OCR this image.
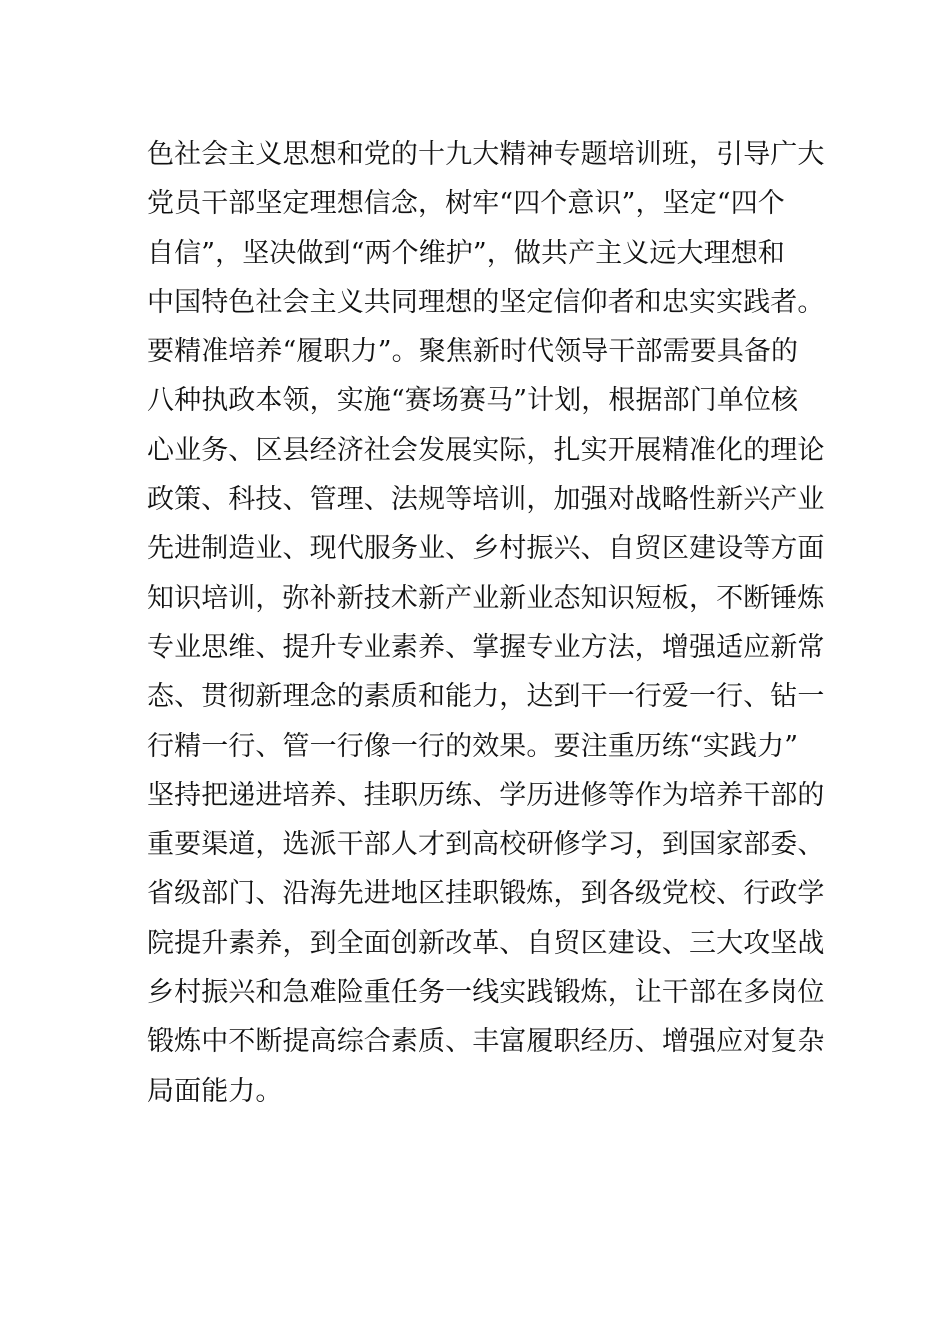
色社会主义思想和党的十九大精神专题培训班，引导广大
党员干部坚定理想信念，树牢“四个意识”，坚定“四个
自信”，坚决做到“两个维护”，做共产主义远大理想和
中国特色社会主义共同理想的坚定信仰者和忠实实践者。
要精准培养“履职力”。聚焦新时代领导干部需要具备的
八种执政本领，实施“赛场赛马”计划，根据部门单位核
心业务、区县经济社会发展实际，扎实开展精准化的理论
政策、科技、管理、法规等培训，加强对战略性新兴产业
先进制造业、现代服务业、乡村振兴、自贸区建设等方面
知识培训，弥补新技术新产业新业态知识短板，不断锤炼
专业思维、提升专业素养、掌握专业方法，增强适应新常
态、贯彻新理念的素质和能力，达到干一行爱一行、钻一
行精一行、管一行像一行的效果。要注重历练“实践力”
坚持把递进培养、挂职历练、学历进修等作为培养干部的
重要渠道，选派干部人才到高校研修学习，到国家部委、
省级部门、沿海先进地区挂职锻炼，到各级党校、行政学
院提升素养，到全面创新改革、自贸区建设、三大攻坚战
乡村振兴和急难险重任务一线实践锻炼，让干部在多岗位
锻炼中不断提高综合素质、丰富履职经历、增强应对复杂
局面能力。
